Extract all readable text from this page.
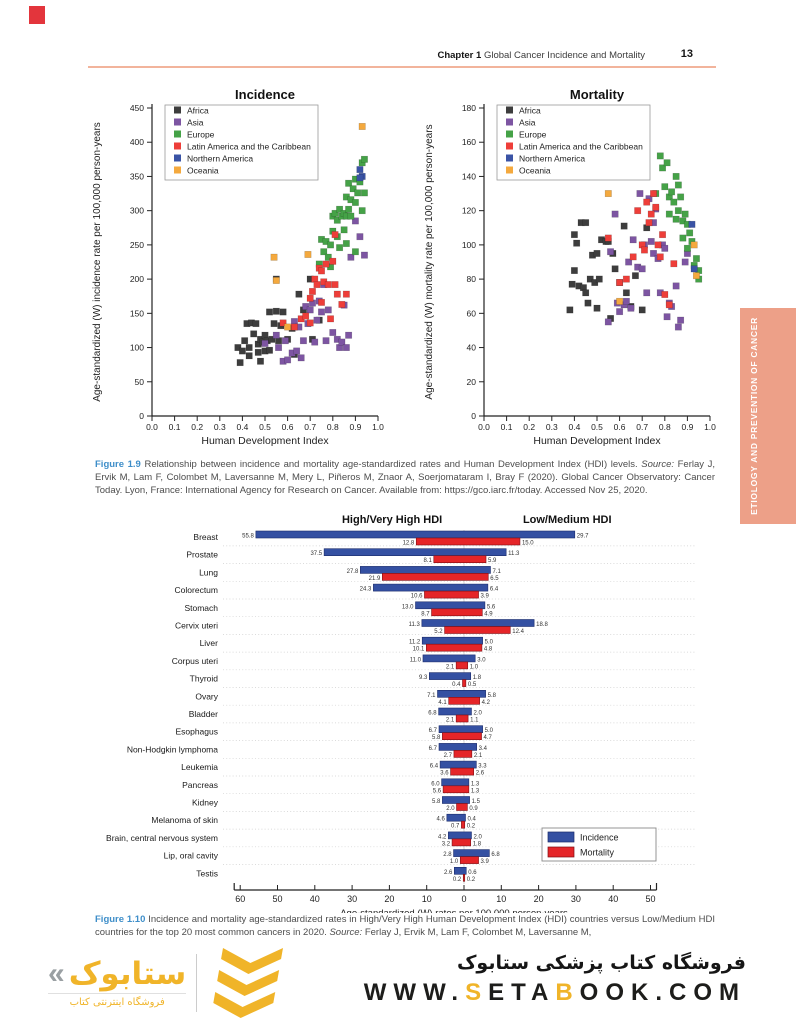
Chapter 1 Global Cancer Incidence and Mortality	13
Incidence
0
50
100
150
200
250
300
350
400
450
0.0 0.1 0.2 0.3 0.4 0.5 0.6 0.7 0.8 0.9 1.0
Human Development Index
Age-standardized (W) incidence rate per 100,000 person-years
Africa
Asia
Europe
Latin America and the Caribbean
Northern America
Oceania
Mortality
0
20
40
60
80
100
120
140
160
180
0.0 0.1 0.2 0.3 0.4 0.5 0.6 0.7 0.8 0.9 1.0
Human Development Index
Age-standardized (W) mortality rate per 100,000 person-years
Africa
Asia
Europe
Latin America and the Caribbean
Northern America
Oceania
Figure 1.9 Relationship between incidence and mortality age-standardized rates and Human Development Index (HDI) levels. Source: Ferlay J, Ervik M, Lam F, Colombet M, Laversanne M, Mery L, Piñeros M, Znaor A, Soerjomataram I, Bray F (2020). Global Cancer Observatory: Cancer Today. Lyon, France: International Agency for Research on Cancer. Available from: https://gco.iarc.fr/today. Accessed Nov 25, 2020.
High/Very High HDI	Low/Medium HDI
Breast	55.8	29.7
12.8	15.0
Prostate	37.5	11.3
8.1	5.9
Lung	27.8	7.1
21.9	6.5
Colorectum	24.3	6.4
10.6	3.9
Stomach	13.0	5.6
8.7	4.9
Cervix uteri	11.3	18.8
5.2	12.4
Liver	11.2	5.0
10.1	4.8
Corpus uteri	11.0	3.0
2.1	1.0
Thyroid	9.3	1.8
0.4 0.5
Ovary	7.1	5.8
4.1	4.2
Bladder	6.8	2.0
2.1	1.1
Esophagus	6.7	5.0
5.8	4.7
Non-Hodgkin lymphoma	6.7	3.4
2.7	2.1
Leukemia	6.4	3.3
3.6	2.6
Pancreas	6.0	1.3
5.6	1.3
Kidney	5.8	1.5
2.0 0.9
Melanoma of skin	4.6	0.4
0.7 0.2
Brain, central nervous system	4.2	2.0
3.2	1.8
Lip, oral cavity	2.8	6.8
1.0	3.9
Testis	2.6	0.6
0.2 0.2
60	50	40	30	20	10	0	10	20	30	40	50
Incidence
Mortality
Figure 1.10 Incidence and mortality age-standardized rates in High/Very High Human Development Index (HDI) countries versus Low/Medium HDI countries for the top 20 most common cancers in 2020. Source: Ferlay J, Ervik M, Lam F, Colombet M, Laversanne M,
ETIOLOGY AND PREVENTION OF CANCER
« ستابوک
فروشگاه اینترنتی کتاب
فروشگاه کتاب پزشکی ستابوک
WWW.SETABOOK.COM
